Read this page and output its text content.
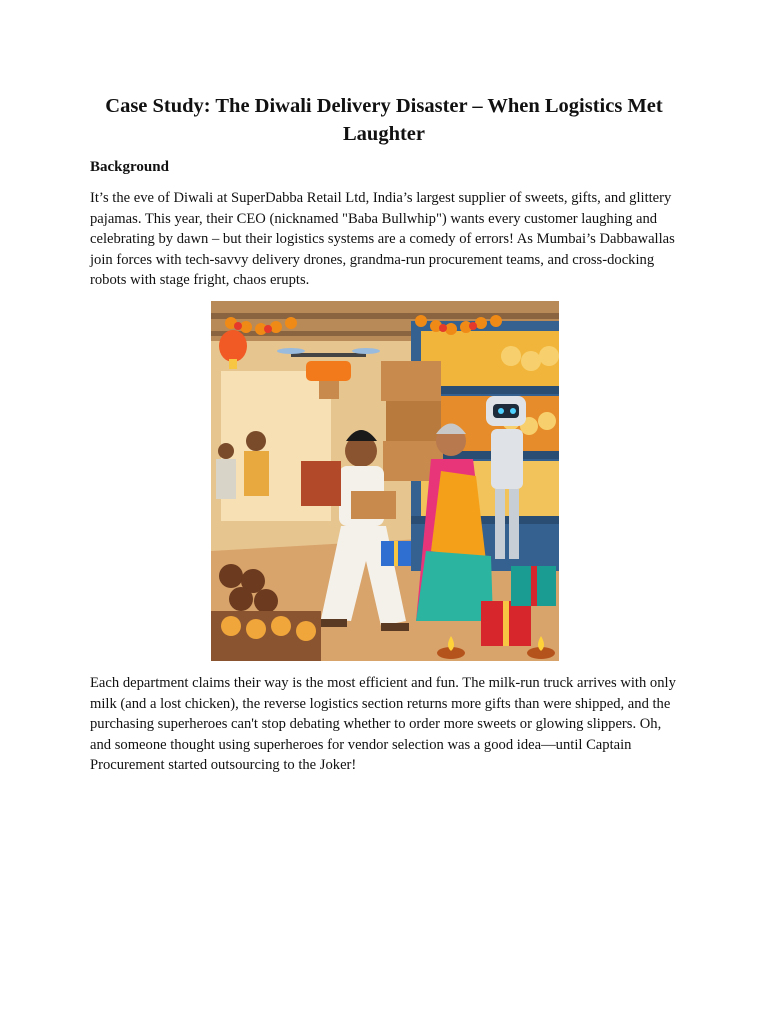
Case Study: The Diwali Delivery Disaster – When Logistics Met Laughter
Background

It’s the eve of Diwali at SuperDabba Retail Ltd, India’s largest supplier of sweets, gifts, and glittery pajamas. This year, their CEO (nicknamed "Baba Bullwhip") wants every customer laughing and celebrating by dawn – but their logistics systems are a comedy of errors! As Mumbai’s Dabbawallas join forces with tech-savvy delivery drones, grandma-run procurement teams, and cross-docking robots with stage fright, chaos erupts.

Each department claims their way is the most efficient and fun. The milk-run truck arrives with only milk (and a lost chicken), the reverse logistics section returns more gifts than were shipped, and the purchasing superheroes can't stop debating whether to order more sweets or glowing slippers. Oh, and someone thought using superheroes for vendor selection was a good idea—until Captain Procurement started outsourcing to the Joker!
